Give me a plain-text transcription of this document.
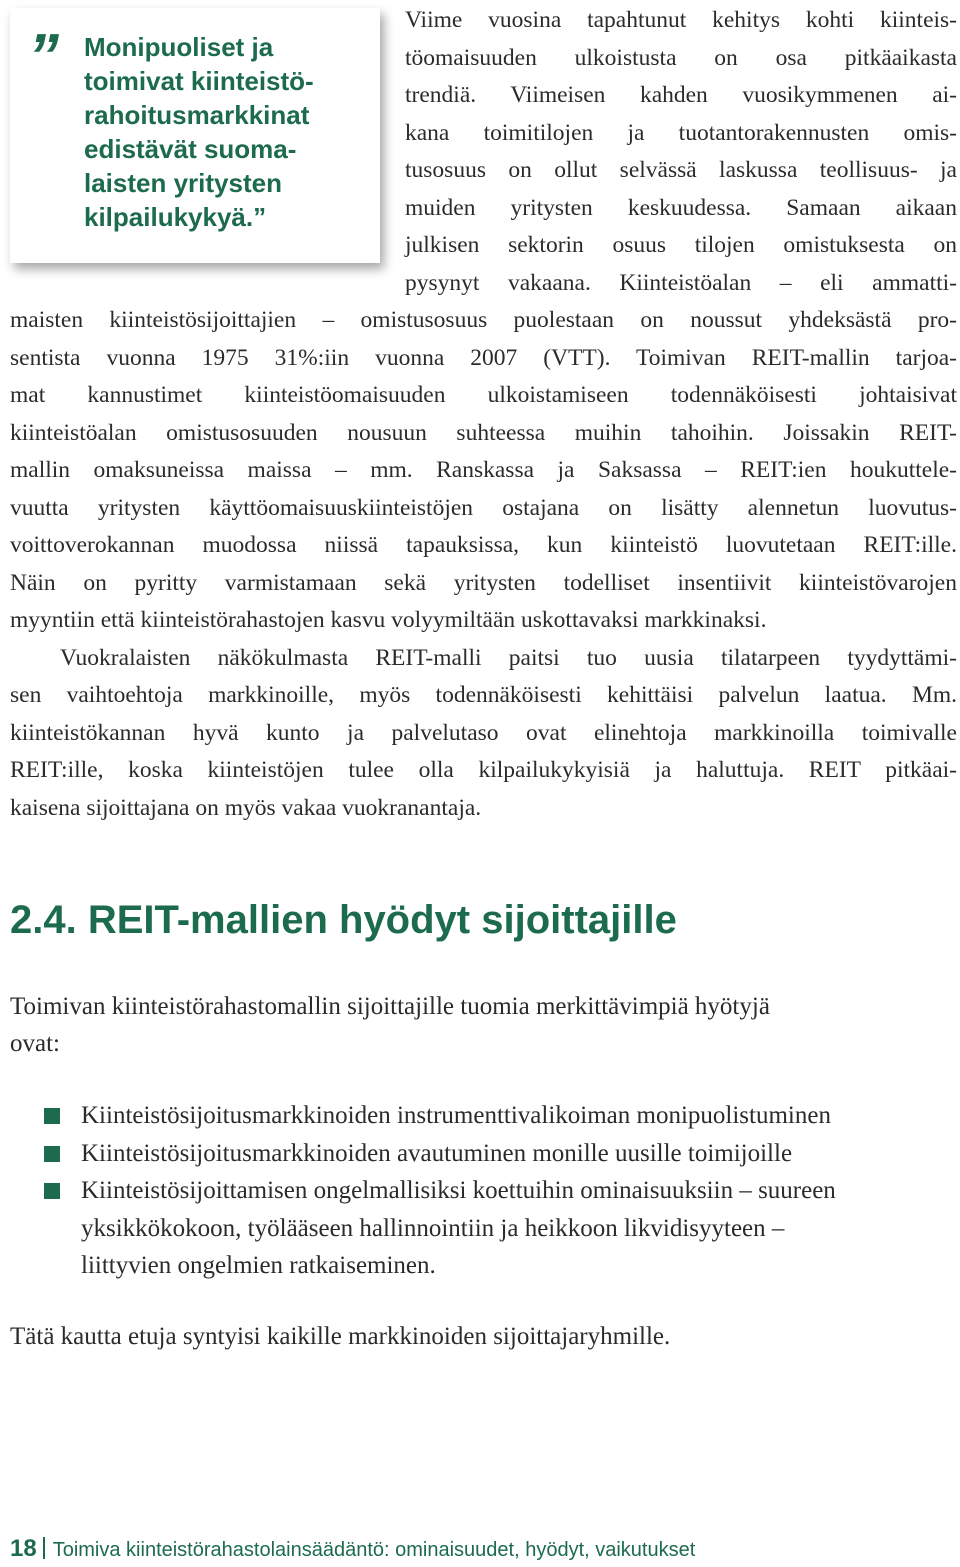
” Monipuoliset ja
toimivat kiinteistö-
rahoitusmarkkinat
edistävät suoma-
laisten yritysten
kilpailukykyä.”
Viime vuosina tapahtunut kehitys kohti kiinteis-
töomaisuuden ulkoistusta on osa pitkäaikasta
trendiä. Viimeisen kahden vuosikymmenen ai-
kana toimitilojen ja tuotantorakennusten omis-
tusosuus on ollut selvässä laskussa teollisuus- ja
muiden yritysten keskuudessa. Samaan aikaan
julkisen sektorin osuus tilojen omistuksesta on
pysynyt vakaana. Kiinteistöalan – eli ammatti-
maisten kiinteistösijoittajien – omistusosuus puolestaan on noussut yhdeksästä pro-
sentista vuonna 1975 31%:iin vuonna 2007 (VTT). Toimivan REIT-mallin tarjoa-
mat kannustimet kiinteistöomaisuuden ulkoistamiseen todennäköisesti johtaisivat
kiinteistöalan omistusosuuden nousuun suhteessa muihin tahoihin. Joissakin REIT-
mallin omaksuneissa maissa – mm. Ranskassa ja Saksassa – REIT:ien houkuttele-
vuutta yritysten käyttöomaisuuskiinteistöjen ostajana on lisätty alennetun luovutus-
voittoverokannan muodossa niissä tapauksissa, kun kiinteistö luovutetaan REIT:ille.
Näin on pyritty varmistamaan sekä yritysten todelliset insentiivit kiinteistövarojen
myyntiin että kiinteistörahastojen kasvu volyymiltään uskottavaksi markkinaksi.
Vuokralaisten näkökulmasta REIT-malli paitsi tuo uusia tilatarpeen tyydyttämi-
sen vaihtoehtoja markkinoille, myös todennäköisesti kehittäisi palvelun laatua. Mm.
kiinteistökannan hyvä kunto ja palvelutaso ovat elinehtoja markkinoilla toimivalle
REIT:ille, koska kiinteistöjen tulee olla kilpailukykyisiä ja haluttuja. REIT pitkäai-
kaisena sijoittajana on myös vakaa vuokranantaja.
2.4. REIT-mallien hyödyt sijoittajille
Toimivan kiinteistörahastomallin sijoittajille tuomia merkittävimpiä hyötyjä
ovat:
Kiinteistösijoitusmarkkinoiden instrumenttivalikoiman monipuolistuminen
Kiinteistösijoitusmarkkinoiden avautuminen monille uusille toimijoille
Kiinteistösijoittamisen ongelmallisiksi koettuihin ominaisuuksiin – suureen
yksikkökokoon, työlääseen hallinnointiin ja heikkoon likvidisyyteen –
liittyvien ongelmien ratkaiseminen.
Tätä kautta etuja syntyisi kaikille markkinoiden sijoittajaryhmille.
18 Toimiva kiinteistörahastolainsäädäntö: ominaisuudet, hyödyt, vaikutukset
